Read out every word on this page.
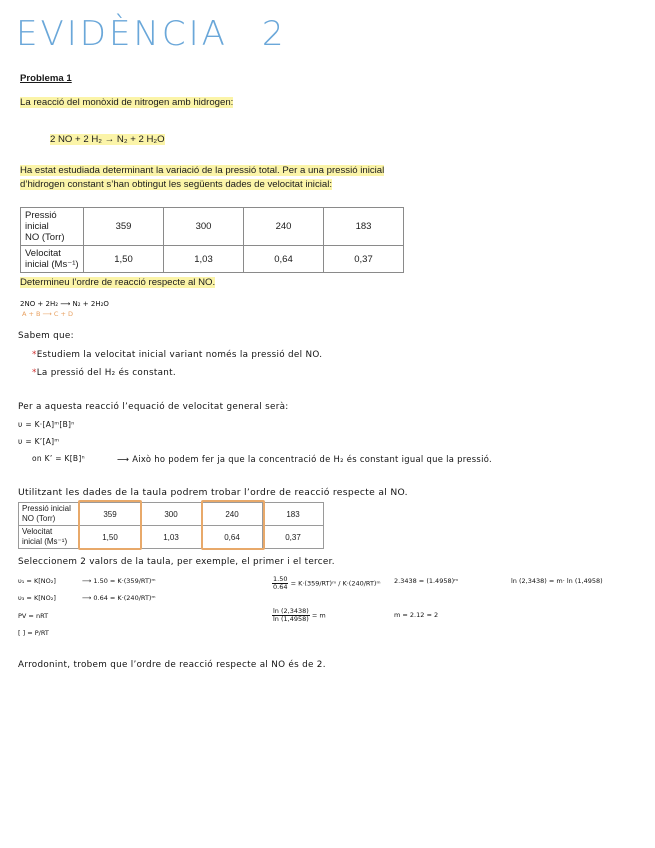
EVIDÈNCIA 2
Problema 1
La reacció del monòxid de nitrogen amb hidrogen:
2 NO + 2 H₂ → N₂ + 2 H₂O
Ha estat estudiada determinant la variació de la pressió total. Per a una pressió inicial
d’hidrogen constant s’han obtingut les següents dades de velocitat inicial:
Pressió inicial
NO (Torr)	359	300	240	183
Velocitat
inicial (Ms⁻¹)	1,50	1,03	0,64	0,37
Determineu l’ordre de reacció respecte al NO.
2NO + 2H₂ ⟶ N₂ + 2H₂O
A + B ⟶ C + D
Sabem que:
*Estudiem la velocitat inicial variant només la pressió del NO.
*La pressió del H₂ és constant.
Per a aquesta reacció l’equació de velocitat general serà:
υ = K·[A]ᵐ[B]ⁿ
υ = K’[A]ᵐ
on K’ = K[B]ⁿ	⟶ Això ho podem fer ja que la concentració de H₂ és constant igual que la pressió.
Utilitzant les dades de la taula podrem trobar l’ordre de reacció respecte al NO.
Pressió inicial
NO (Torr)	359	300	240	183
Velocitat
inicial (Ms⁻¹)	1,50	1,03	0,64	0,37
Seleccionem 2 valors de la taula, per exemple, el primer i el tercer.
υ₁ = K[NO₂]	⟶ 1.50 = K·(359/RT)ᵐ
υ₃ = K[NO₂]	⟶ 0.64 = K·(240/RT)ᵐ
PV = nRT
[ ] = P/RT
$\frac{1.50}{0.64}$ = K·(359/RT)ᵐ / K·(240/RT)ᵐ
$\frac{\ln (2,3438)}{\ln (1,4958)} = m$
2.3438 = (1.4958)ᵐ	ln (2,3438) = m· ln (1,4958)
m = 2.12 ≈ 2
Arrodonint, trobem que l’ordre de reacció respecte al NO és de 2.
